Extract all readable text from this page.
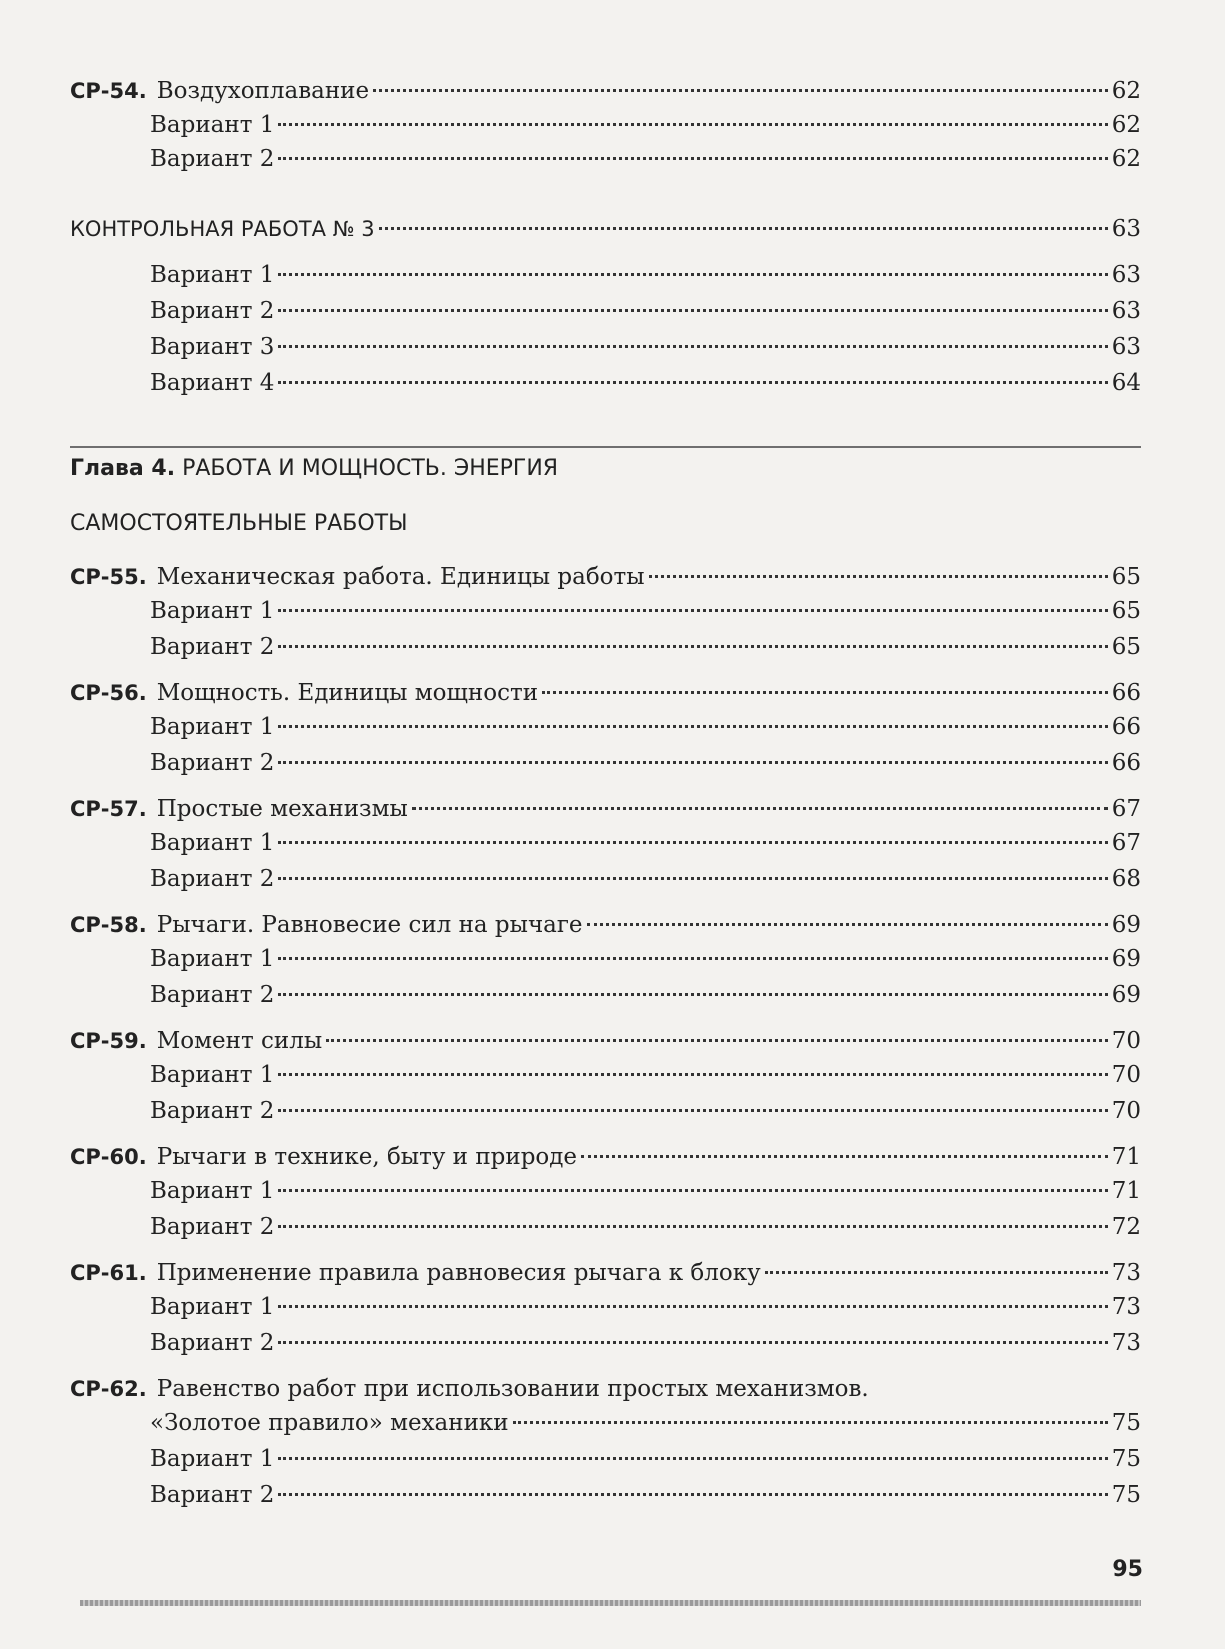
СР-54. Воздухоплавание	62
Вариант 1	62
Вариант 2	62
КОНТРОЛЬНАЯ РАБОТА № 3	63
Вариант 1	63
Вариант 2	63
Вариант 3	63
Вариант 4	64
Глава 4. РАБОТА И МОЩНОСТЬ. ЭНЕРГИЯ
САМОСТОЯТЕЛЬНЫЕ РАБОТЫ
СР-55. Механическая работа. Единицы работы	65
Вариант 1	65
Вариант 2	65
СР-56. Мощность. Единицы мощности	66
Вариант 1	66
Вариант 2	66
СР-57. Простые механизмы	67
Вариант 1	67
Вариант 2	68
СР-58. Рычаги. Равновесие сил на рычаге	69
Вариант 1	69
Вариант 2	69
СР-59. Момент силы	70
Вариант 1	70
Вариант 2	70
СР-60. Рычаги в технике, быту и природе	71
Вариант 1	71
Вариант 2	72
СР-61. Применение правила равновесия рычага к блоку	73
Вариант 1	73
Вариант 2	73
СР-62. Равенство работ при использовании простых механизмов.
«Золотое правило» механики	75
Вариант 1	75
Вариант 2	75
95
